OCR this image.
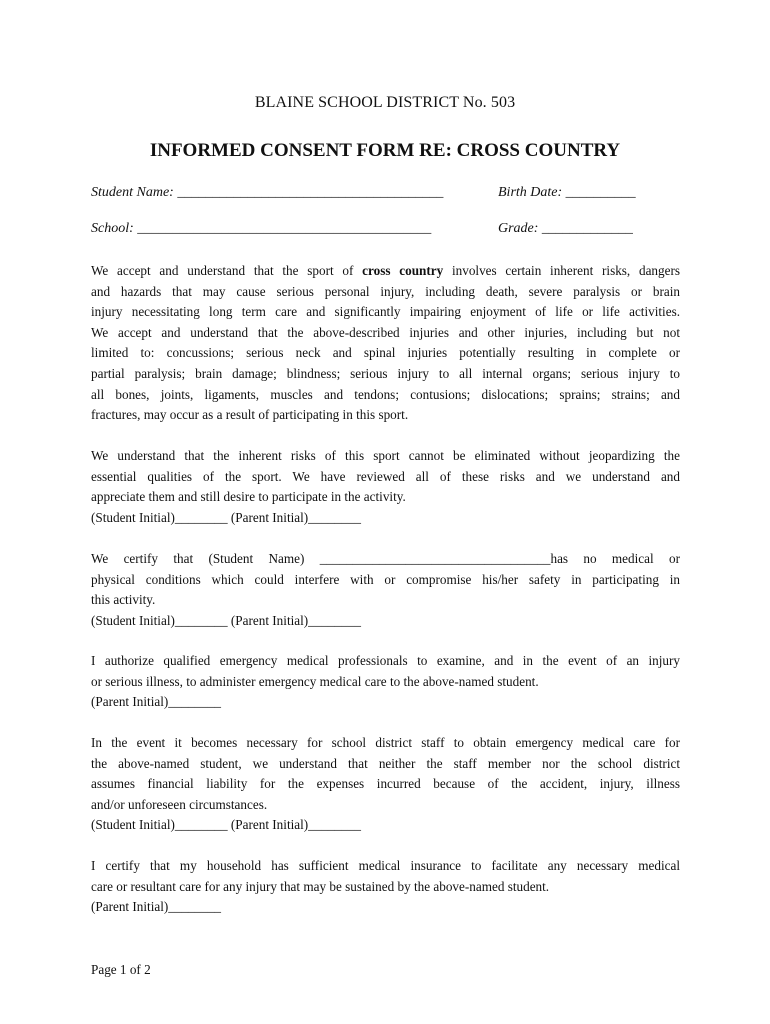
BLAINE SCHOOL DISTRICT No. 503
INFORMED CONSENT FORM RE: CROSS COUNTRY
Student Name: ______________________________________	Birth Date: __________
School: __________________________________________	Grade: _____________
We accept and understand that the sport of cross country involves certain inherent risks, dangers
and hazards that may cause serious personal injury, including death, severe paralysis or brain
injury necessitating long term care and significantly impairing enjoyment of life or life activities.
We accept and understand that the above-described injuries and other injuries, including but not
limited to: concussions; serious neck and spinal injuries potentially resulting in complete or
partial paralysis; brain damage; blindness; serious injury to all internal organs; serious injury to
all bones, joints, ligaments, muscles and tendons; contusions; dislocations; sprains; strains; and
fractures, may occur as a result of participating in this sport.
We understand that the inherent risks of this sport cannot be eliminated without jeopardizing the
essential qualities of the sport. We have reviewed all of these risks and we understand and
appreciate them and still desire to participate in the activity.
(Student Initial)________ (Parent Initial)________
We certify that (Student Name) ___________________________________has no medical or
physical conditions which could interfere with or compromise his/her safety in participating in
this activity.
(Student Initial)________ (Parent Initial)________
I authorize qualified emergency medical professionals to examine, and in the event of an injury
or serious illness, to administer emergency medical care to the above-named student.
(Parent Initial)________
In the event it becomes necessary for school district staff to obtain emergency medical care for
the above-named student, we understand that neither the staff member nor the school district
assumes financial liability for the expenses incurred because of the accident, injury, illness
and/or unforeseen circumstances.
(Student Initial)________ (Parent Initial)________
I certify that my household has sufficient medical insurance to facilitate any necessary medical
care or resultant care for any injury that may be sustained by the above-named student.
(Parent Initial)________
Page 1 of 2
